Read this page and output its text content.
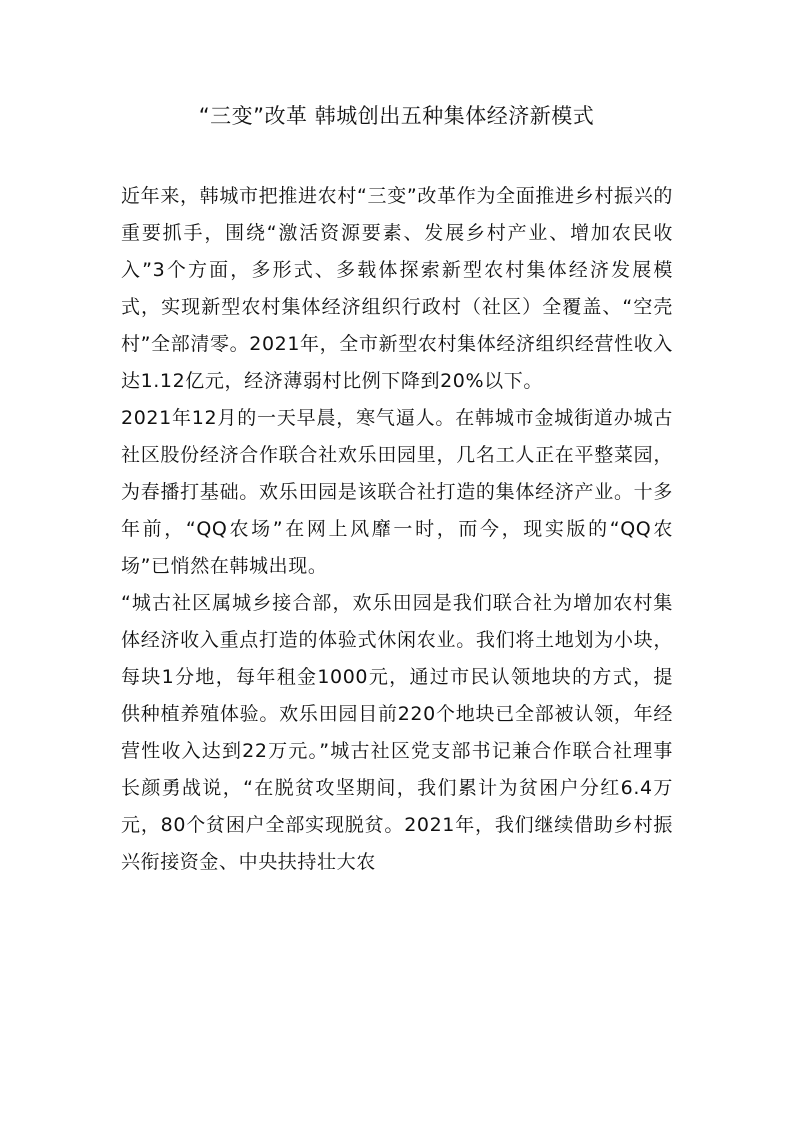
“三变”改革 韩城创出五种集体经济新模式

近年来，韩城市把推进农村“三变”改革作为全面推进乡村振兴的重要抓手，围绕“激活资源要素、发展乡村产业、增加农民收入”3个方面，多形式、多载体探索新型农村集体经济发展模式，实现新型农村集体经济组织行政村（社区）全覆盖、“空壳村”全部清零。2021年，全市新型农村集体经济组织经营性收入达1.12亿元，经济薄弱村比例下降到20%以下。

2021年12月的一天早晨，寒气逼人。在韩城市金城街道办城古社区股份经济合作联合社欢乐田园里，几名工人正在平整菜园，为春播打基础。欢乐田园是该联合社打造的集体经济产业。十多年前，“QQ农场”在网上风靡一时，而今，现实版的“QQ农场”已悄然在韩城出现。

“城古社区属城乡接合部，欢乐田园是我们联合社为增加农村集体经济收入重点打造的体验式休闲农业。我们将土地划为小块，每块1分地，每年租金1000元，通过市民认领地块的方式，提供种植养殖体验。欢乐田园目前220个地块已全部被认领，年经营性收入达到22万元。”城古社区党支部书记兼合作联合社理事长颜勇战说，“在脱贫攻坚期间，我们累计为贫困户分红6.4万元，80个贫困户全部实现脱贫。2021年，我们继续借助乡村振兴衔接资金、中央扶持壮大农
